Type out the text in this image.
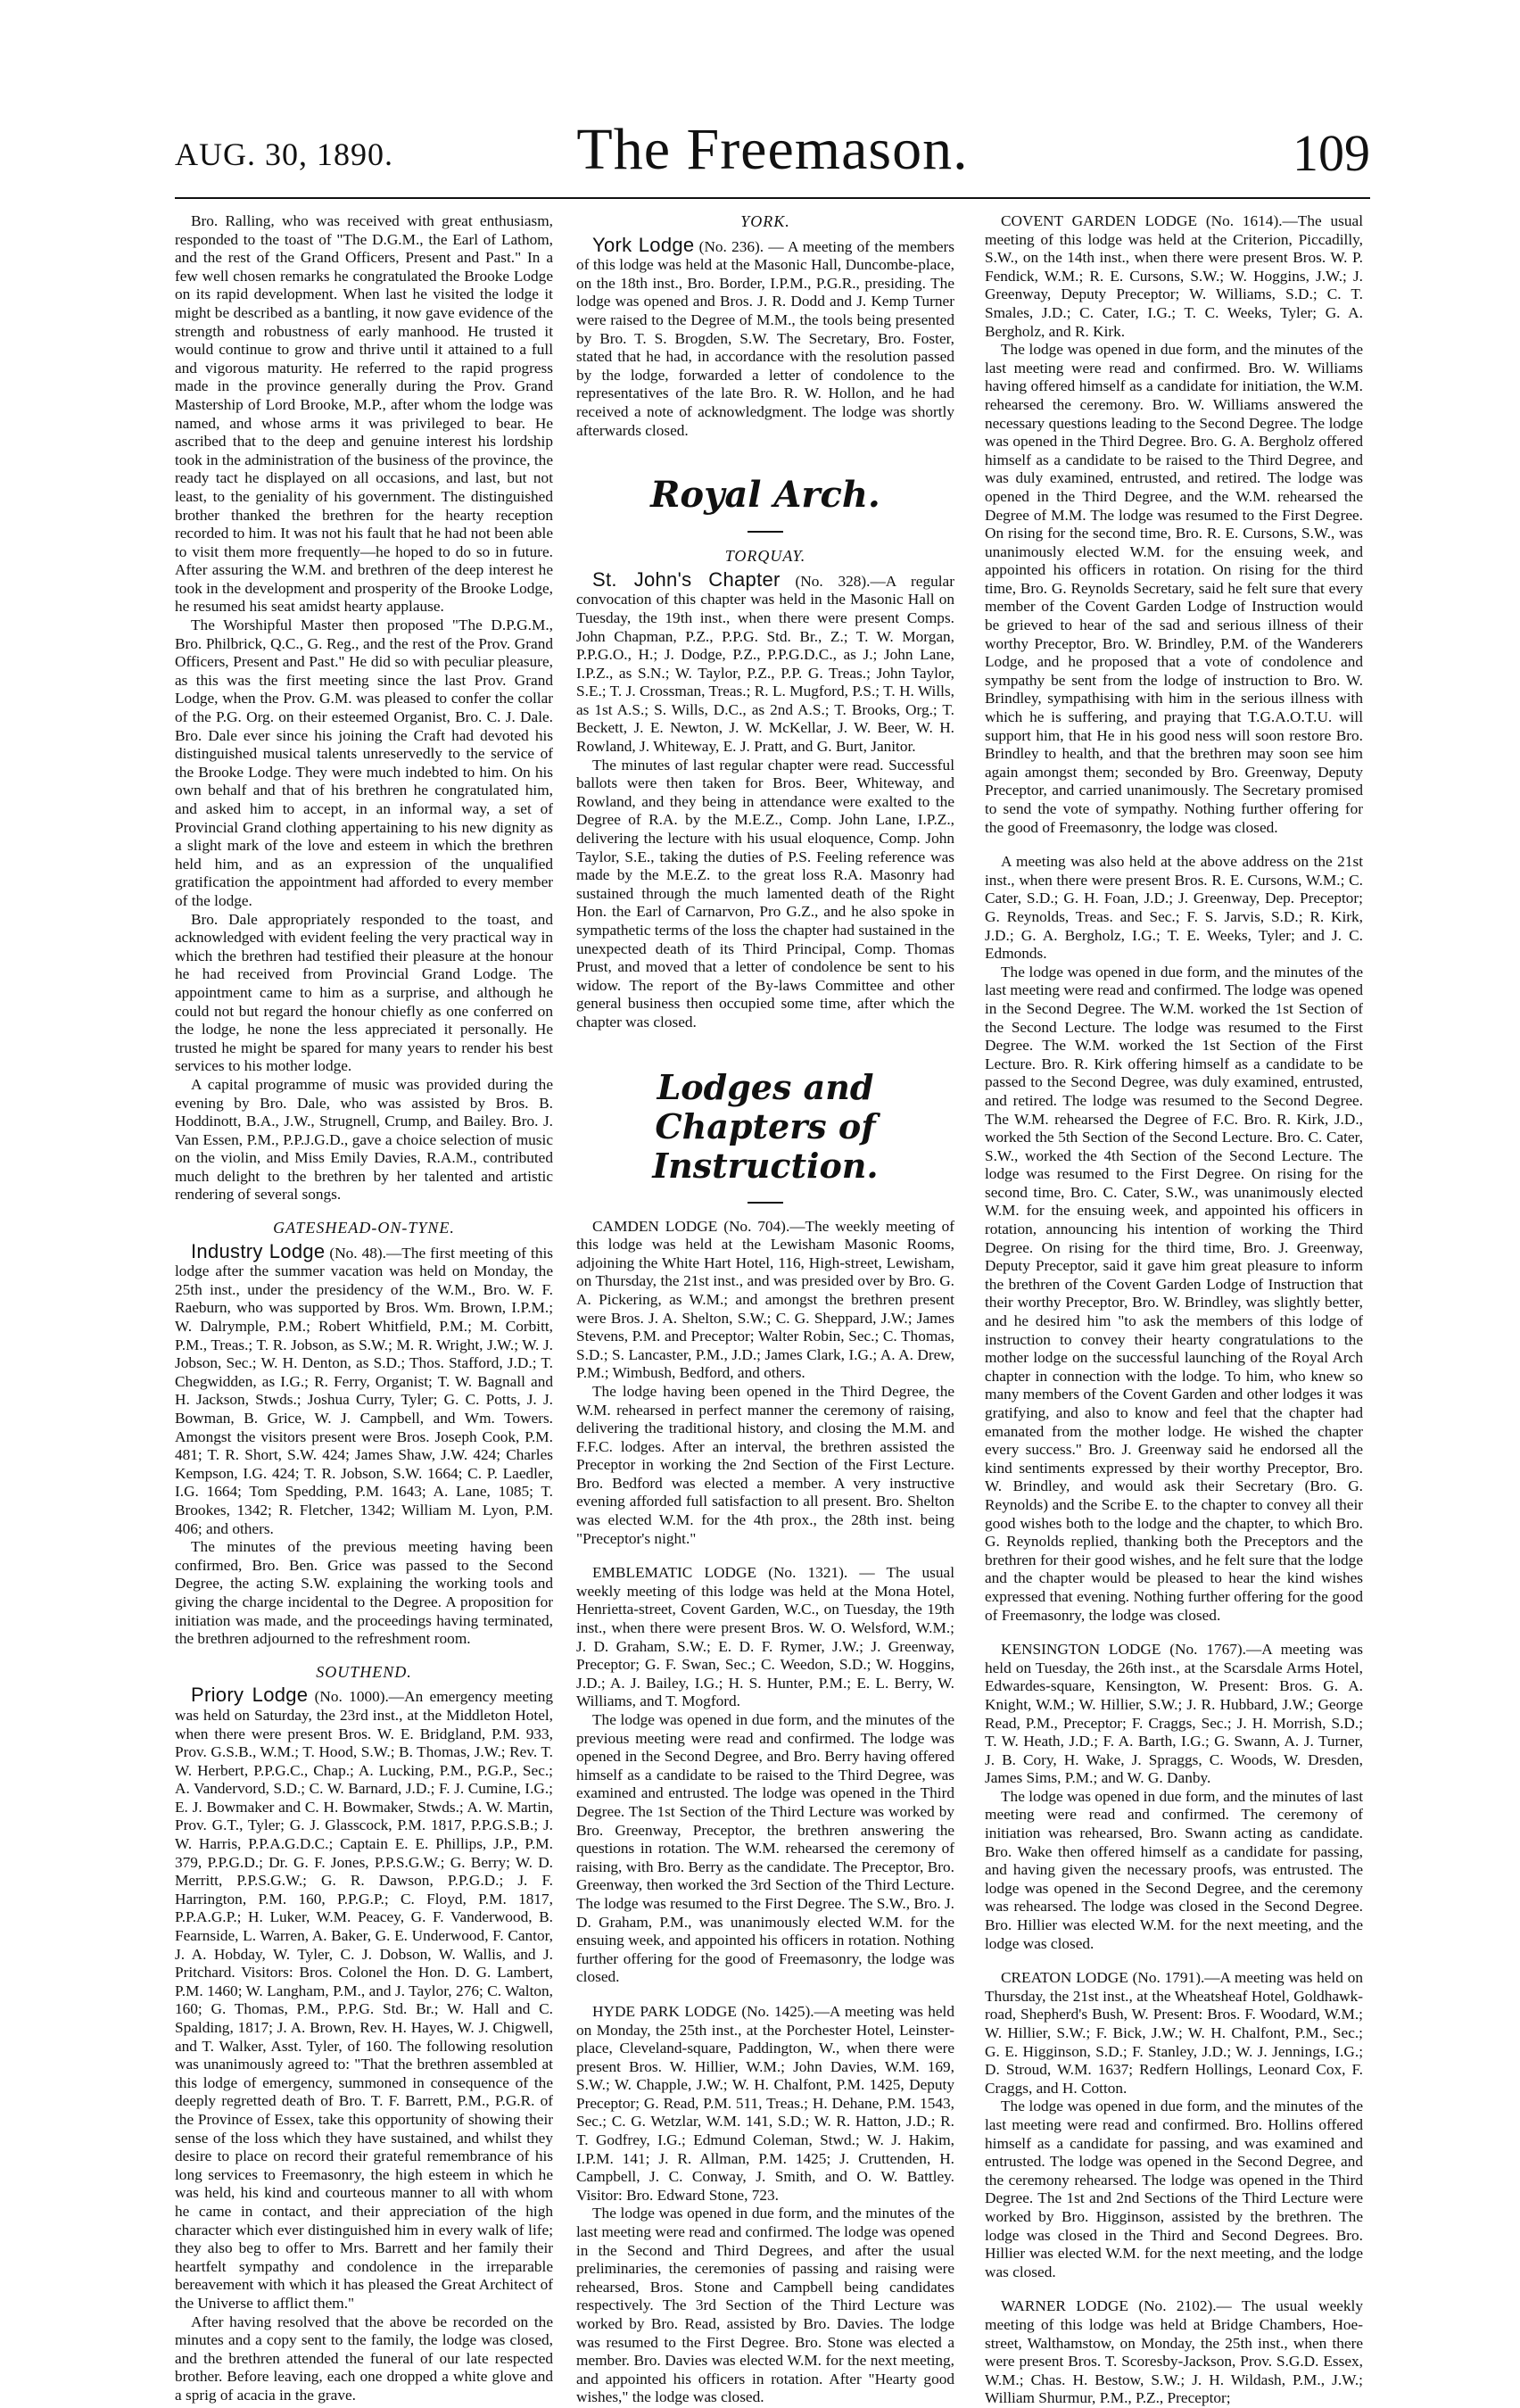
AUG. 30, 1890.	The Freemason.	109

Bro. Ralling, who was received with great enthusiasm, responded to the toast of "The D.G.M., the Earl of Lathom, and the rest of the Grand Officers, Present and Past." In a few well chosen remarks he congratulated the Brooke Lodge on its rapid development. When last he visited the lodge it might be described as a bantling, it now gave evidence of the strength and robustness of early manhood. He trusted it would continue to grow and thrive until it attained to a full and vigorous maturity. He referred to the rapid progress made in the province generally during the Prov. Grand Mastership of Lord Brooke, M.P., after whom the lodge was named, and whose arms it was privileged to bear. He ascribed that to the deep and genuine interest his lordship took in the administration of the business of the province, the ready tact he displayed on all occasions, and last, but not least, to the geniality of his government. The distinguished brother thanked the brethren for the hearty reception recorded to him. It was not his fault that he had not been able to visit them more frequently—he hoped to do so in future. After assuring the W.M. and brethren of the deep interest he took in the development and prosperity of the Brooke Lodge, he resumed his seat amidst hearty applause.

The Worshipful Master then proposed "The D.P.G.M., Bro. Philbrick, Q.C., G. Reg., and the rest of the Prov. Grand Officers, Present and Past." He did so with peculiar pleasure, as this was the first meeting since the last Prov. Grand Lodge, when the Prov. G.M. was pleased to confer the collar of the P.G. Org. on their esteemed Organist, Bro. C. J. Dale. Bro. Dale ever since his joining the Craft had devoted his distinguished musical talents unreservedly to the service of the Brooke Lodge. They were much indebted to him. On his own behalf and that of his brethren he congratulated him, and asked him to accept, in an informal way, a set of Provincial Grand clothing appertaining to his new dignity as a slight mark of the love and esteem in which the brethren held him, and as an expression of the unqualified gratification the appointment had afforded to every member of the lodge.

Bro. Dale appropriately responded to the toast, and acknowledged with evident feeling the very practical way in which the brethren had testified their pleasure at the honour he had received from Provincial Grand Lodge. The appointment came to him as a surprise, and although he could not but regard the honour chiefly as one conferred on the lodge, he none the less appreciated it personally. He trusted he might be spared for many years to render his best services to his mother lodge.

A capital programme of music was provided during the evening by Bro. Dale, who was assisted by Bros. B. Hoddinott, B.A., J.W., Strugnell, Crump, and Bailey. Bro. J. Van Essen, P.M., P.P.J.G.D., gave a choice selection of music on the violin, and Miss Emily Davies, R.A.M., contributed much delight to the brethren by her talented and artistic rendering of several songs.

GATESHEAD-ON-TYNE.

Industry Lodge (No. 48).—The first meeting of this lodge after the summer vacation was held on Monday, the 25th inst., under the presidency of the W.M., Bro. W. F. Raeburn, who was supported by Bros. Wm. Brown, I.P.M.; W. Dalrymple, P.M.; Robert Whitfield, P.M.; M. Corbitt, P.M., Treas.; T. R. Jobson, as S.W.; M. R. Wright, J.W.; W. J. Jobson, Sec.; W. H. Denton, as S.D.; Thos. Stafford, J.D.; T. Chegwidden, as I.G.; R. Ferry, Organist; T. W. Bagnall and H. Jackson, Stwds.; Joshua Curry, Tyler; G. C. Potts, J. J. Bowman, B. Grice, W. J. Campbell, and Wm. Towers. Amongst the visitors present were Bros. Joseph Cook, P.M. 481; T. R. Short, S.W. 424; James Shaw, J.W. 424; Charles Kempson, I.G. 424; T. R. Jobson, S.W. 1664; C. P. Laedler, I.G. 1664; Tom Spedding, P.M. 1643; A. Lane, 1085; T. Brookes, 1342; R. Fletcher, 1342; William M. Lyon, P.M. 406; and others.

The minutes of the previous meeting having been confirmed, Bro. Ben. Grice was passed to the Second Degree, the acting S.W. explaining the working tools and giving the charge incidental to the Degree. A proposition for initiation was made, and the proceedings having terminated, the brethren adjourned to the refreshment room.

SOUTHEND.

Priory Lodge (No. 1000).—An emergency meeting was held on Saturday, the 23rd inst., at the Middleton Hotel, when there were present Bros. W. E. Bridgland, P.M. 933, Prov. G.S.B., W.M.; T. Hood, S.W.; B. Thomas, J.W.; Rev. T. W. Herbert, P.P.G.C., Chap.; A. Lucking, P.M., P.G.P., Sec.; A. Vandervord, S.D.; C. W. Barnard, J.D.; F. J. Cumine, I.G.; E. J. Bowmaker and C. H. Bowmaker, Stwds.; A. W. Martin, Prov. G.T., Tyler; G. J. Glasscock, P.M. 1817, P.P.G.S.B.; J. W. Harris, P.P.A.G.D.C.; Captain E. E. Phillips, J.P., P.M. 379, P.P.G.D.; Dr. G. F. Jones, P.P.S.G.W.; G. Berry; W. D. Merritt, P.P.S.G.W.; G. R. Dawson, P.P.G.D.; J. F. Harrington, P.M. 160, P.P.G.P.; C. Floyd, P.M. 1817, P.P.A.G.P.; H. Luker, W.M. Peacey, G. F. Vanderwood, B. Fearnside, L. Warren, A. Baker, G. E. Underwood, F. Cantor, J. A. Hobday, W. Tyler, C. J. Dobson, W. Wallis, and J. Pritchard. Visitors: Bros. Colonel the Hon. D. G. Lambert, P.M. 1460; W. Langham, P.M., and J. Taylor, 276; C. Walton, 160; G. Thomas, P.M., P.P.G. Std. Br.; W. Hall and C. Spalding, 1817; J. A. Brown, Rev. H. Hayes, W. J. Chigwell, and T. Walker, Asst. Tyler, of 160. The following resolution was unanimously agreed to: "That the brethren assembled at this lodge of emergency, summoned in consequence of the deeply regretted death of Bro. T. F. Barrett, P.M., P.G.R. of the Province of Essex, take this opportunity of showing their sense of the loss which they have sustained, and whilst they desire to place on record their grateful remembrance of his long services to Freemasonry, the high esteem in which he was held, his kind and courteous manner to all with whom he came in contact, and their appreciation of the high character which ever distinguished him in every walk of life; they also beg to offer to Mrs. Barrett and her family their heartfelt sympathy and condolence in the irreparable bereavement with which it has pleased the Great Architect of the Universe to afflict them."

After having resolved that the above be recorded on the minutes and a copy sent to the family, the lodge was closed, and the brethren attended the funeral of our late respected brother. Before leaving, each one dropped a white glove and a sprig of acacia in the grave.

YORK.

York Lodge (No. 236). — A meeting of the members of this lodge was held at the Masonic Hall, Duncombe-place, on the 18th inst., Bro. Border, I.P.M., P.G.R., presiding. The lodge was opened and Bros. J. R. Dodd and J. Kemp Turner were raised to the Degree of M.M., the tools being presented by Bro. T. S. Brogden, S.W. The Secretary, Bro. Foster, stated that he had, in accordance with the resolution passed by the lodge, forwarded a letter of condolence to the representatives of the late Bro. R. W. Hollon, and he had received a note of acknowledgment. The lodge was shortly afterwards closed.

Royal Arch.
TORQUAY.

St. John's Chapter (No. 328).—A regular convocation of this chapter was held in the Masonic Hall on Tuesday, the 19th inst., when there were present Comps. John Chapman, P.Z., P.P.G. Std. Br., Z.; T. W. Morgan, P.P.G.O., H.; J. Dodge, P.Z., P.P.G.D.C., as J.; John Lane, I.P.Z., as S.N.; W. Taylor, P.Z., P.P. G. Treas.; John Taylor, S.E.; T. J. Crossman, Treas.; R. L. Mugford, P.S.; T. H. Wills, as 1st A.S.; S. Wills, D.C., as 2nd A.S.; T. Brooks, Org.; T. Beckett, J. E. Newton, J. W. McKellar, J. W. Beer, W. H. Rowland, J. Whiteway, E. J. Pratt, and G. Burt, Janitor.

The minutes of last regular chapter were read. Successful ballots were then taken for Bros. Beer, Whiteway, and Rowland, and they being in attendance were exalted to the Degree of R.A. by the M.E.Z., Comp. John Lane, I.P.Z., delivering the lecture with his usual eloquence, Comp. John Taylor, S.E., taking the duties of P.S. Feeling reference was made by the M.E.Z. to the great loss R.A. Masonry had sustained through the much lamented death of the Right Hon. the Earl of Carnarvon, Pro G.Z., and he also spoke in sympathetic terms of the loss the chapter had sustained in the unexpected death of its Third Principal, Comp. Thomas Prust, and moved that a letter of condolence be sent to his widow. The report of the By-laws Committee and other general business then occupied some time, after which the chapter was closed.

Lodges and Chapters of
Instruction.

CAMDEN LODGE (No. 704).—The weekly meeting of this lodge was held at the Lewisham Masonic Rooms, adjoining the White Hart Hotel, 116, High-street, Lewisham, on Thursday, the 21st inst., and was presided over by Bro. G. A. Pickering, as W.M.; and amongst the brethren present were Bros. J. A. Shelton, S.W.; C. G. Sheppard, J.W.; James Stevens, P.M. and Preceptor; Walter Robin, Sec.; C. Thomas, S.D.; S. Lancaster, P.M., J.D.; James Clark, I.G.; A. A. Drew, P.M.; Wimbush, Bedford, and others.

The lodge having been opened in the Third Degree, the W.M. rehearsed in perfect manner the ceremony of raising, delivering the traditional history, and closing the M.M. and F.F.C. lodges. After an interval, the brethren assisted the Preceptor in working the 2nd Section of the First Lecture. Bro. Bedford was elected a member. A very instructive evening afforded full satisfaction to all present. Bro. Shelton was elected W.M. for the 4th prox., the 28th inst. being "Preceptor's night."

EMBLEMATIC LODGE (No. 1321). — The usual weekly meeting of this lodge was held at the Mona Hotel, Henrietta-street, Covent Garden, W.C., on Tuesday, the 19th inst., when there were present Bros. W. O. Welsford, W.M.; J. D. Graham, S.W.; E. D. F. Rymer, J.W.; J. Greenway, Preceptor; G. F. Swan, Sec.; C. Weedon, S.D.; W. Hoggins, J.D.; A. J. Bailey, I.G.; H. S. Hunter, P.M.; E. L. Berry, W. Williams, and T. Mogford.

The lodge was opened in due form, and the minutes of the previous meeting were read and confirmed. The lodge was opened in the Second Degree, and Bro. Berry having offered himself as a candidate to be raised to the Third Degree, was examined and entrusted. The lodge was opened in the Third Degree. The 1st Section of the Third Lecture was worked by Bro. Greenway, Preceptor, the brethren answering the questions in rotation. The W.M. rehearsed the ceremony of raising, with Bro. Berry as the candidate. The Preceptor, Bro. Greenway, then worked the 3rd Section of the Third Lecture. The lodge was resumed to the First Degree. The S.W., Bro. J. D. Graham, P.M., was unanimously elected W.M. for the ensuing week, and appointed his officers in rotation. Nothing further offering for the good of Freemasonry, the lodge was closed.

HYDE PARK LODGE (No. 1425).—A meeting was held on Monday, the 25th inst., at the Porchester Hotel, Leinster-place, Cleveland-square, Paddington, W., when there were present Bros. W. Hillier, W.M.; John Davies, W.M. 169, S.W.; W. Chapple, J.W.; W. H. Chalfont, P.M. 1425, Deputy Preceptor; G. Read, P.M. 511, Treas.; H. Dehane, P.M. 1543, Sec.; C. G. Wetzlar, W.M. 141, S.D.; W. R. Hatton, J.D.; R. T. Godfrey, I.G.; Edmund Coleman, Stwd.; W. J. Hakim, I.P.M. 141; J. R. Allman, P.M. 1425; J. Cruttenden, H. Campbell, J. C. Conway, J. Smith, and O. W. Battley. Visitor: Bro. Edward Stone, 723.

The lodge was opened in due form, and the minutes of the last meeting were read and confirmed. The lodge was opened in the Second and Third Degrees, and after the usual preliminaries, the ceremonies of passing and raising were rehearsed, Bros. Stone and Campbell being candidates respectively. The 3rd Section of the Third Lecture was worked by Bro. Read, assisted by Bro. Davies. The lodge was resumed to the First Degree. Bro. Stone was elected a member. Bro. Davies was elected W.M. for the next meeting, and appointed his officers in rotation. After "Hearty good wishes," the lodge was closed.

COVENT GARDEN LODGE (No. 1614).—The usual meeting of this lodge was held at the Criterion, Piccadilly, S.W., on the 14th inst., when there were present Bros. W. P. Fendick, W.M.; R. E. Cursons, S.W.; W. Hoggins, J.W.; J. Greenway, Deputy Preceptor; W. Williams, S.D.; C. T. Smales, J.D.; C. Cater, I.G.; T. C. Weeks, Tyler; G. A. Bergholz, and R. Kirk.

The lodge was opened in due form, and the minutes of the last meeting were read and confirmed. Bro. W. Williams having offered himself as a candidate for initiation, the W.M. rehearsed the ceremony. Bro. W. Williams answered the necessary questions leading to the Second Degree. The lodge was opened in the Third Degree. Bro. G. A. Bergholz offered himself as a candidate to be raised to the Third Degree, and was duly examined, entrusted, and retired. The lodge was opened in the Third Degree, and the W.M. rehearsed the Degree of M.M. The lodge was resumed to the First Degree. On rising for the second time, Bro. R. E. Cursons, S.W., was unanimously elected W.M. for the ensuing week, and appointed his officers in rotation. On rising for the third time, Bro. G. Reynolds Secretary, said he felt sure that every member of the Covent Garden Lodge of Instruction would be grieved to hear of the sad and serious illness of their worthy Preceptor, Bro. W. Brindley, P.M. of the Wanderers Lodge, and he proposed that a vote of condolence and sympathy be sent from the lodge of instruction to Bro. W. Brindley, sympathising with him in the serious illness with which he is suffering, and praying that T.G.A.O.T.U. will support him, that He in his good ness will soon restore Bro. Brindley to health, and that the brethren may soon see him again amongst them; seconded by Bro. Greenway, Deputy Preceptor, and carried unanimously. The Secretary promised to send the vote of sympathy. Nothing further offering for the good of Freemasonry, the lodge was closed.

A meeting was also held at the above address on the 21st inst., when there were present Bros. R. E. Cursons, W.M.; C. Cater, S.D.; G. H. Foan, J.D.; J. Greenway, Dep. Preceptor; G. Reynolds, Treas. and Sec.; F. S. Jarvis, S.D.; R. Kirk, J.D.; G. A. Bergholz, I.G.; T. E. Weeks, Tyler; and J. C. Edmonds.

The lodge was opened in due form, and the minutes of the last meeting were read and confirmed. The lodge was opened in the Second Degree. The W.M. worked the 1st Section of the Second Lecture. The lodge was resumed to the First Degree. The W.M. worked the 1st Section of the First Lecture. Bro. R. Kirk offering himself as a candidate to be passed to the Second Degree, was duly examined, entrusted, and retired. The lodge was resumed to the Second Degree. The W.M. rehearsed the Degree of F.C. Bro. R. Kirk, J.D., worked the 5th Section of the Second Lecture. Bro. C. Cater, S.W., worked the 4th Section of the Second Lecture. The lodge was resumed to the First Degree. On rising for the second time, Bro. C. Cater, S.W., was unanimously elected W.M. for the ensuing week, and appointed his officers in rotation, announcing his intention of working the Third Degree. On rising for the third time, Bro. J. Greenway, Deputy Preceptor, said it gave him great pleasure to inform the brethren of the Covent Garden Lodge of Instruction that their worthy Preceptor, Bro. W. Brindley, was slightly better, and he desired him "to ask the members of this lodge of instruction to convey their hearty congratulations to the mother lodge on the successful launching of the Royal Arch chapter in connection with the lodge. To him, who knew so many members of the Covent Garden and other lodges it was gratifying, and also to know and feel that the chapter had emanated from the mother lodge. He wished the chapter every success." Bro. J. Greenway said he endorsed all the kind sentiments expressed by their worthy Preceptor, Bro. W. Brindley, and would ask their Secretary (Bro. G. Reynolds) and the Scribe E. to the chapter to convey all their good wishes both to the lodge and the chapter, to which Bro. G. Reynolds replied, thanking both the Preceptors and the brethren for their good wishes, and he felt sure that the lodge and the chapter would be pleased to hear the kind wishes expressed that evening. Nothing further offering for the good of Freemasonry, the lodge was closed.

KENSINGTON LODGE (No. 1767).—A meeting was held on Tuesday, the 26th inst., at the Scarsdale Arms Hotel, Edwardes-square, Kensington, W. Present: Bros. G. A. Knight, W.M.; W. Hillier, S.W.; J. R. Hubbard, J.W.; George Read, P.M., Preceptor; F. Craggs, Sec.; J. H. Morrish, S.D.; T. W. Heath, J.D.; F. A. Barth, I.G.; G. Swann, A. J. Turner, J. B. Cory, H. Wake, J. Spraggs, C. Woods, W. Dresden, James Sims, P.M.; and W. G. Danby.

The lodge was opened in due form, and the minutes of last meeting were read and confirmed. The ceremony of initiation was rehearsed, Bro. Swann acting as candidate. Bro. Wake then offered himself as a candidate for passing, and having given the necessary proofs, was entrusted. The lodge was opened in the Second Degree, and the ceremony was rehearsed. The lodge was closed in the Second Degree. Bro. Hillier was elected W.M. for the next meeting, and the lodge was closed.

CREATON LODGE (No. 1791).—A meeting was held on Thursday, the 21st inst., at the Wheatsheaf Hotel, Goldhawk-road, Shepherd's Bush, W. Present: Bros. F. Woodard, W.M.; W. Hillier, S.W.; F. Bick, J.W.; W. H. Chalfont, P.M., Sec.; G. E. Higginson, S.D.; F. Stanley, J.D.; W. J. Jennings, I.G.; D. Stroud, W.M. 1637; Redfern Hollings, Leonard Cox, F. Craggs, and H. Cotton.

The lodge was opened in due form, and the minutes of the last meeting were read and confirmed. Bro. Hollins offered himself as a candidate for passing, and was examined and entrusted. The lodge was opened in the Second Degree, and the ceremony rehearsed. The lodge was opened in the Third Degree. The 1st and 2nd Sections of the Third Lecture were worked by Bro. Higginson, assisted by the brethren. The lodge was closed in the Third and Second Degrees. Bro. Hillier was elected W.M. for the next meeting, and the lodge was closed.

WARNER LODGE (No. 2102).— The usual weekly meeting of this lodge was held at Bridge Chambers, Hoe-street, Walthamstow, on Monday, the 25th inst., when there were present Bros. T. Scoresby-Jackson, Prov. S.G.D. Essex, W.M.; Chas. H. Bestow, S.W.; J. H. Wildash, P.M., J.W.; William Shurmur, P.M., P.Z., Preceptor;
